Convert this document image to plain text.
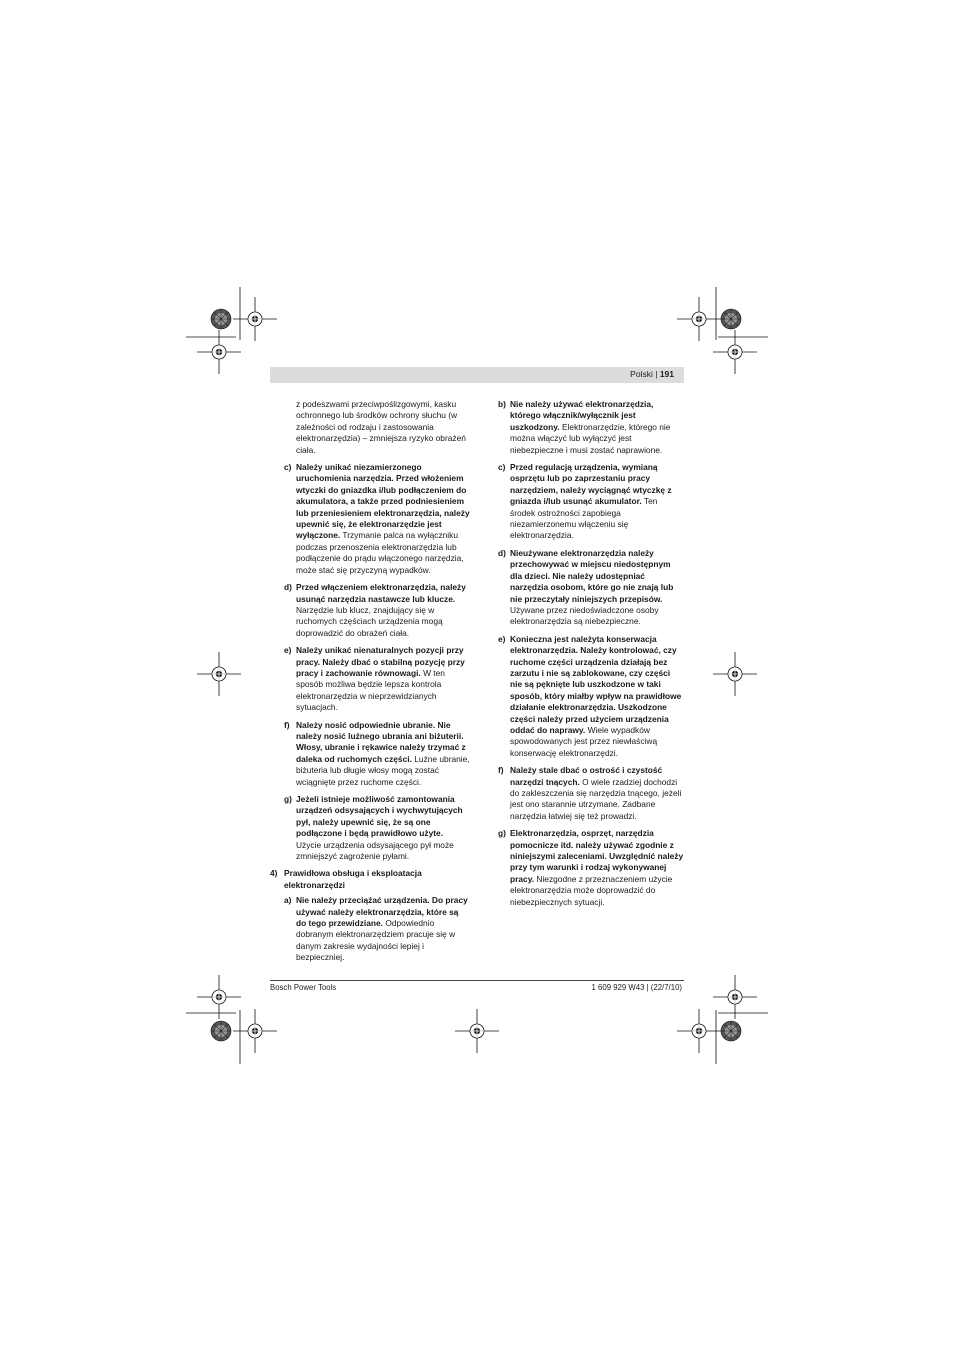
Polski | 191
z podeszwami przeciwpoślizgowymi, kasku ochronnego lub środków ochrony słuchu (w zależności od rodzaju i zastosowania elektronarzędzia) – zmniejsza ryzyko obrażeń ciała.
c) Należy unikać niezamierzonego uruchomienia narzędzia. Przed włożeniem wtyczki do gniazdka i/lub podłączeniem do akumulatora, a także przed podniesieniem lub przeniesieniem elektronarzędzia, należy upewnić się, że elektronarzędzie jest wyłączone. Trzymanie palca na wyłączniku podczas przenoszenia elektronarzędzia lub podłączenie do prądu włączonego narzędzia, może stać się przyczyną wypadków.
d) Przed włączeniem elektronarzędzia, należy usunąć narzędzia nastawcze lub klucze. Narzędzie lub klucz, znajdujący się w ruchomych częściach urządzenia mogą doprowadzić do obrażeń ciała.
e) Należy unikać nienaturalnych pozycji przy pracy. Należy dbać o stabilną pozycję przy pracy i zachowanie równowagi. W ten sposób możliwa będzie lepsza kontrola elektronarzędzia w nieprzewidzianych sytuacjach.
f) Należy nosić odpowiednie ubranie. Nie należy nosić luźnego ubrania ani biżuterii. Włosy, ubranie i rękawice należy trzymać z daleka od ruchomych części. Luźne ubranie, biżuteria lub długie włosy mogą zostać wciągnięte przez ruchome części.
g) Jeżeli istnieje możliwość zamontowania urządzeń odsysających i wychwytujących pył, należy upewnić się, że są one podłączone i będą prawidłowo użyte. Użycie urządzenia odsysającego pył może zmniejszyć zagrożenie pyłami.
4) Prawidłowa obsługa i eksploatacja elektronarzędzi
a) Nie należy przeciążać urządzenia. Do pracy używać należy elektronarzędzia, które są do tego przewidziane. Odpowiednio dobranym elektronarzędziem pracuje się w danym zakresie wydajności lepiej i bezpieczniej.
b) Nie należy używać elektronarzędzia, którego włącznik/wyłącznik jest uszkodzony. Elektronarzędzie, którego nie można włączyć lub wyłączyć jest niebezpieczne i musi zostać naprawione.
c) Przed regulacją urządzenia, wymianą osprzętu lub po zaprzestaniu pracy narzędziem, należy wyciągnąć wtyczkę z gniazda i/lub usunąć akumulator. Ten środek ostrożności zapobiega niezamierzonemu włączeniu się elektronarzędzia.
d) Nieużywane elektronarzędzia należy przechowywać w miejscu niedostępnym dla dzieci. Nie należy udostępniać narzędzia osobom, które go nie znają lub nie przeczytały niniejszych przepisów. Używane przez niedoświadczone osoby elektronarzędzia są niebezpieczne.
e) Konieczna jest należyta konserwacja elektronarzędzia. Należy kontrolować, czy ruchome części urządzenia działają bez zarzutu i nie są zablokowane, czy części nie są pęknięte lub uszkodzone w taki sposób, który miałby wpływ na prawidłowe działanie elektronarzędzia. Uszkodzone części należy przed użyciem urządzenia oddać do naprawy. Wiele wypadków spowodowanych jest przez niewłaściwą konserwację elektronarzędzi.
f) Należy stale dbać o ostrość i czystość narzędzi tnących. O wiele rzadziej dochodzi do zakleszczenia się narzędzia tnącego, jeżeli jest ono starannie utrzymane. Zadbane narzędzia łatwiej się też prowadzi.
g) Elektronarzędzia, osprzęt, narzędzia pomocnicze itd. należy używać zgodnie z niniejszymi zaleceniami. Uwzględnić należy przy tym warunki i rodzaj wykonywanej pracy. Niezgodne z przeznaczeniem użycie elektronarzędzia może doprowadzić do niebezpiecznych sytuacji.
Bosch Power Tools	1 609 929 W43 | (22/7/10)
